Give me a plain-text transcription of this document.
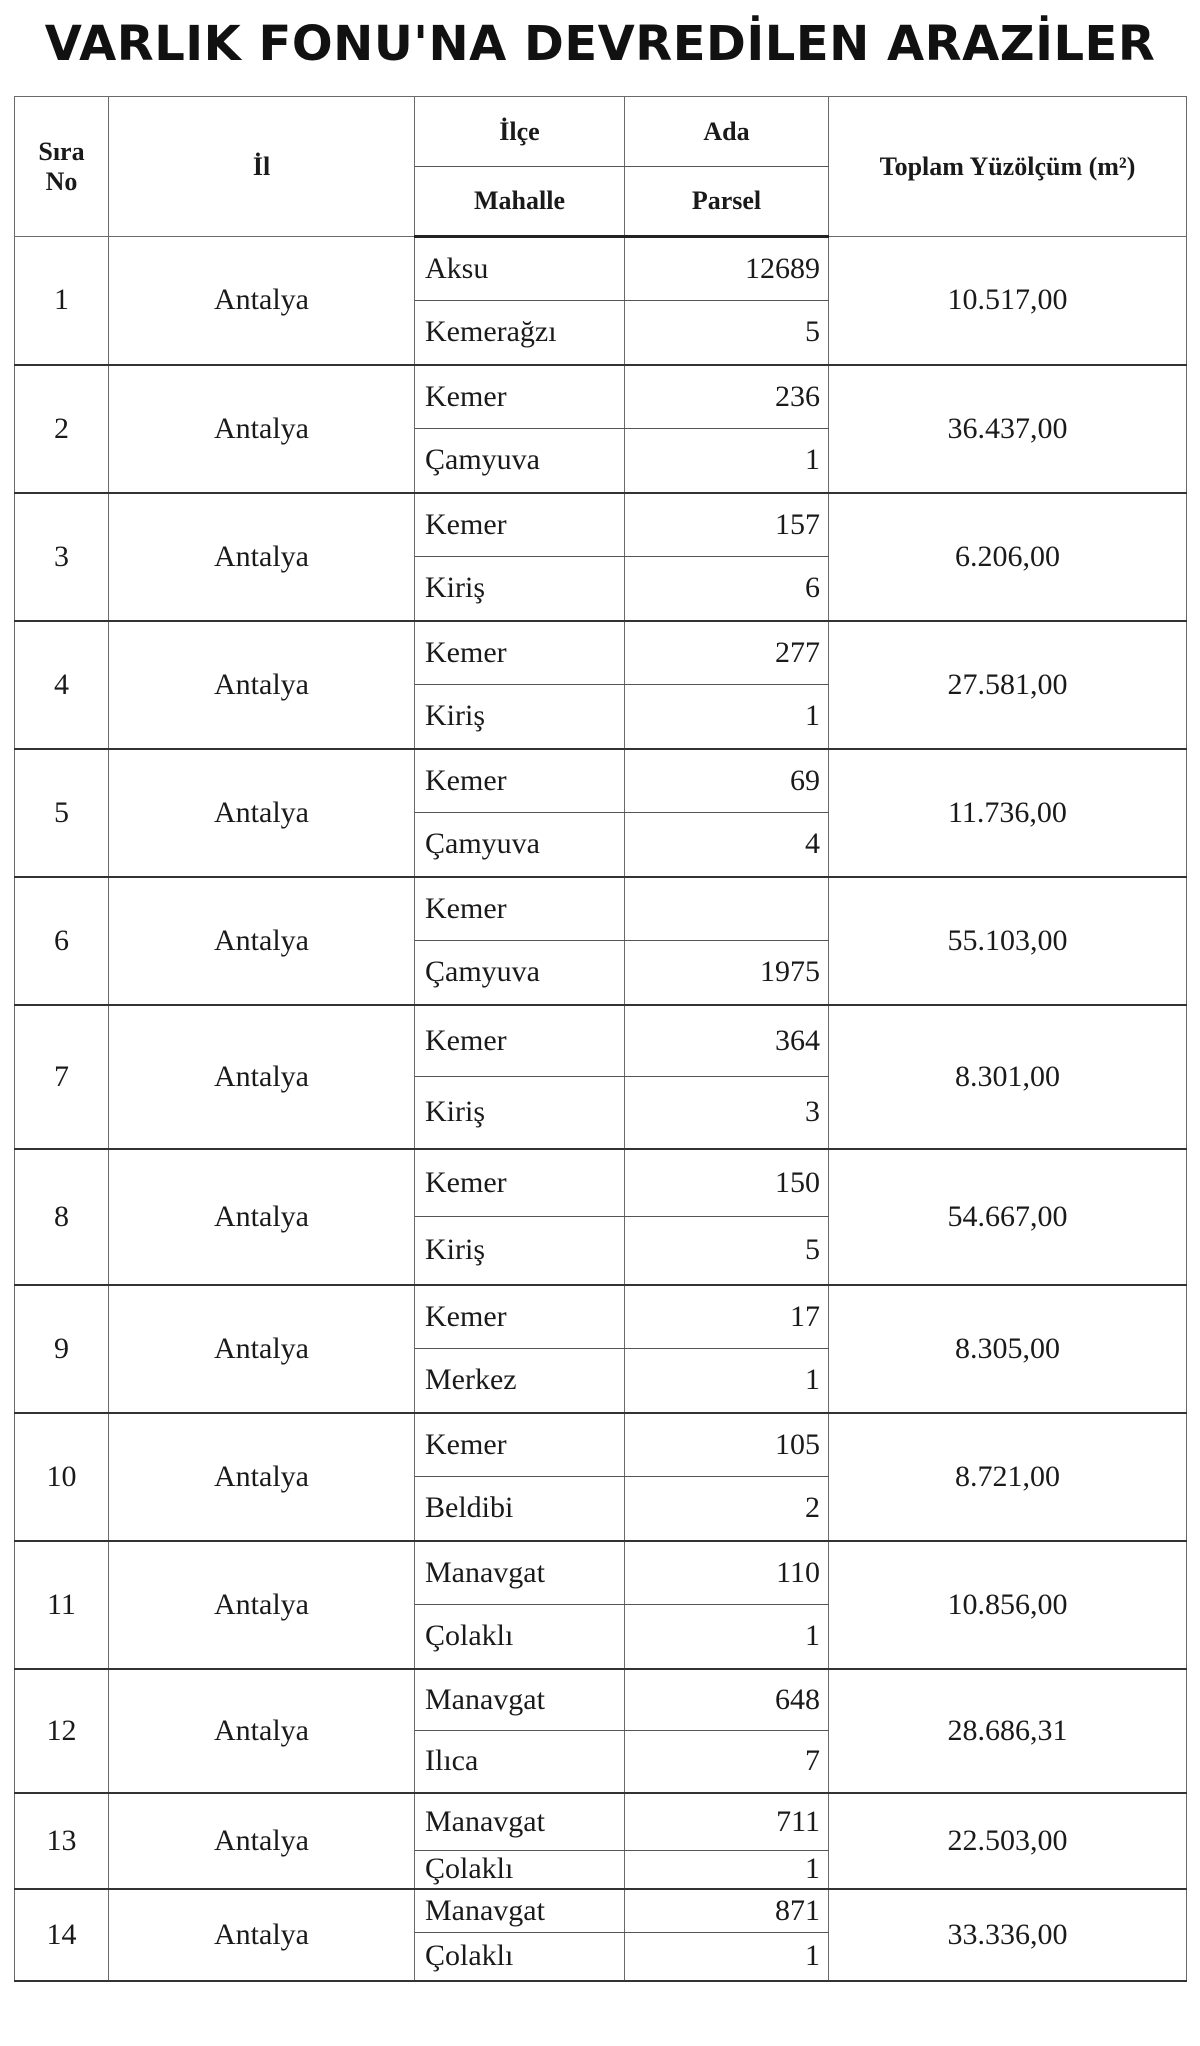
VARLIK FONU'NA DEVREDİLEN ARAZİLER
Sıra
No	İl	İlçe	Ada	Toplam Yüzölçüm (m²)
		Mahalle	Parsel	
1	Antalya	Aksu	12689	10.517,00
		Kemerağzı	5	
2	Antalya	Kemer	236	36.437,00
		Çamyuva	1	
3	Antalya	Kemer	157	6.206,00
		Kiriş	6	
4	Antalya	Kemer	277	27.581,00
		Kiriş	1	
5	Antalya	Kemer	69	11.736,00
		Çamyuva	4	
6	Antalya	Kemer		55.103,00
		Çamyuva	1975	
7	Antalya	Kemer	364	8.301,00
		Kiriş	3	
8	Antalya	Kemer	150	54.667,00
		Kiriş	5	
9	Antalya	Kemer	17	8.305,00
		Merkez	1	
10	Antalya	Kemer	105	8.721,00
		Beldibi	2	
11	Antalya	Manavgat	110	10.856,00
		Çolaklı	1	
12	Antalya	Manavgat	648	28.686,31
		Ilıca	7	
13	Antalya	Manavgat	711	22.503,00
		Çolaklı	1	
14	Antalya	Manavgat	871	33.336,00
		Çolaklı	1	
